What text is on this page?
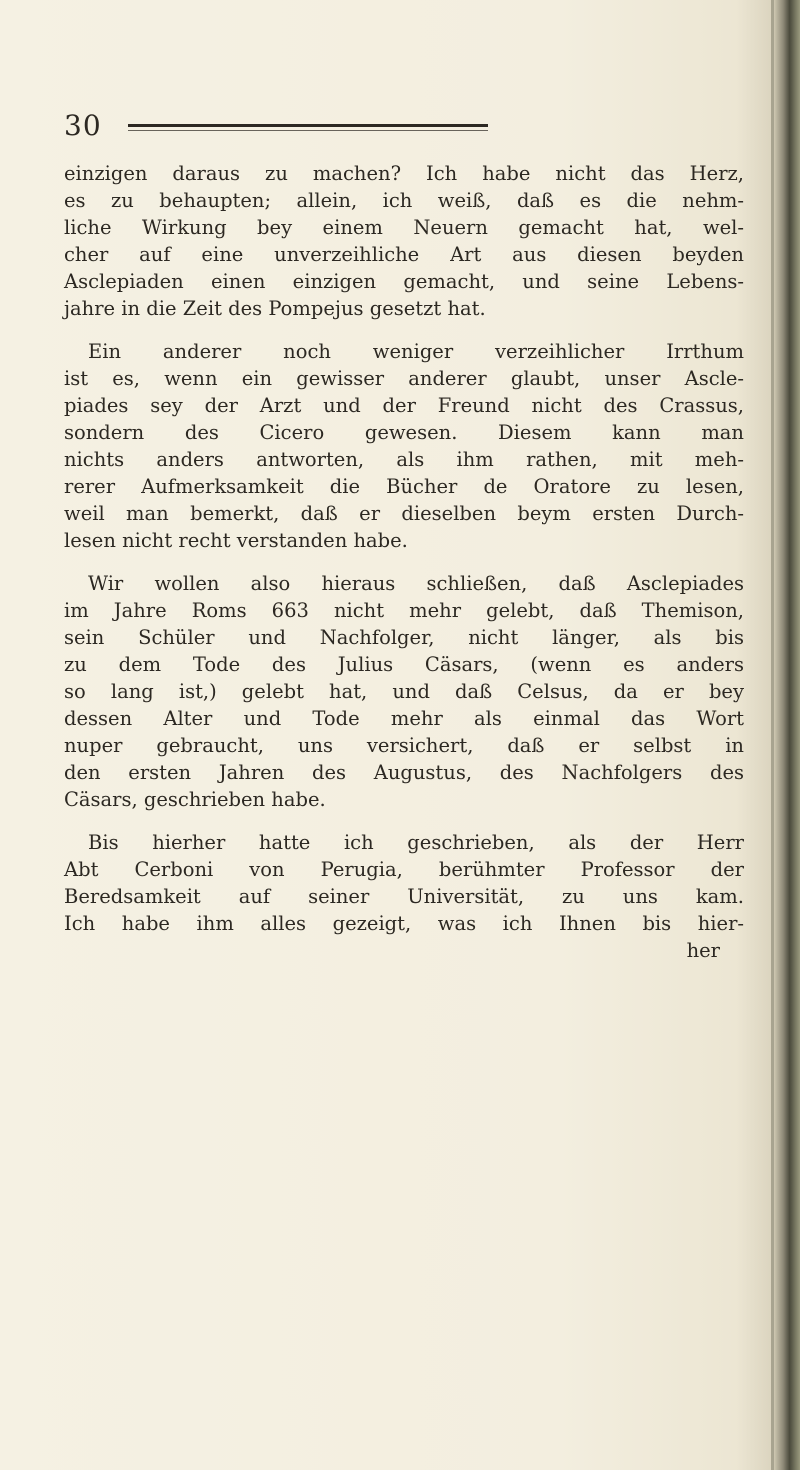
30

einzigen daraus zu machen? Ich habe nicht das Herz,
es zu behaupten; allein, ich weiß, daß es die nehm-
liche Wirkung bey einem Neuern gemacht hat, wel-
cher auf eine unverzeihliche Art aus diesen beyden
Asclepiaden einen einzigen gemacht, und seine Lebens-
jahre in die Zeit des Pompejus gesetzt hat.

Ein anderer noch weniger verzeihlicher Irrthum
ist es, wenn ein gewisser anderer glaubt, unser Ascle-
piades sey der Arzt und der Freund nicht des Crassus,
sondern des Cicero gewesen. Diesem kann man
nichts anders antworten, als ihm rathen, mit meh-
rerer Aufmerksamkeit die Bücher de Oratore zu lesen,
weil man bemerkt, daß er dieselben beym ersten Durch-
lesen nicht recht verstanden habe.

Wir wollen also hieraus schließen, daß Asclepiades
im Jahre Roms 663 nicht mehr gelebt, daß Themison,
sein Schüler und Nachfolger, nicht länger, als bis
zu dem Tode des Julius Cäsars, (wenn es anders
so lang ist,) gelebt hat, und daß Celsus, da er bey
dessen Alter und Tode mehr als einmal das Wort
nuper gebraucht, uns versichert, daß er selbst in
den ersten Jahren des Augustus, des Nachfolgers des
Cäsars, geschrieben habe.

Bis hierher hatte ich geschrieben, als der Herr
Abt Cerboni von Perugia, berühmter Professor der
Beredsamkeit auf seiner Universität, zu uns kam.
Ich habe ihm alles gezeigt, was ich Ihnen bis hier-

her
